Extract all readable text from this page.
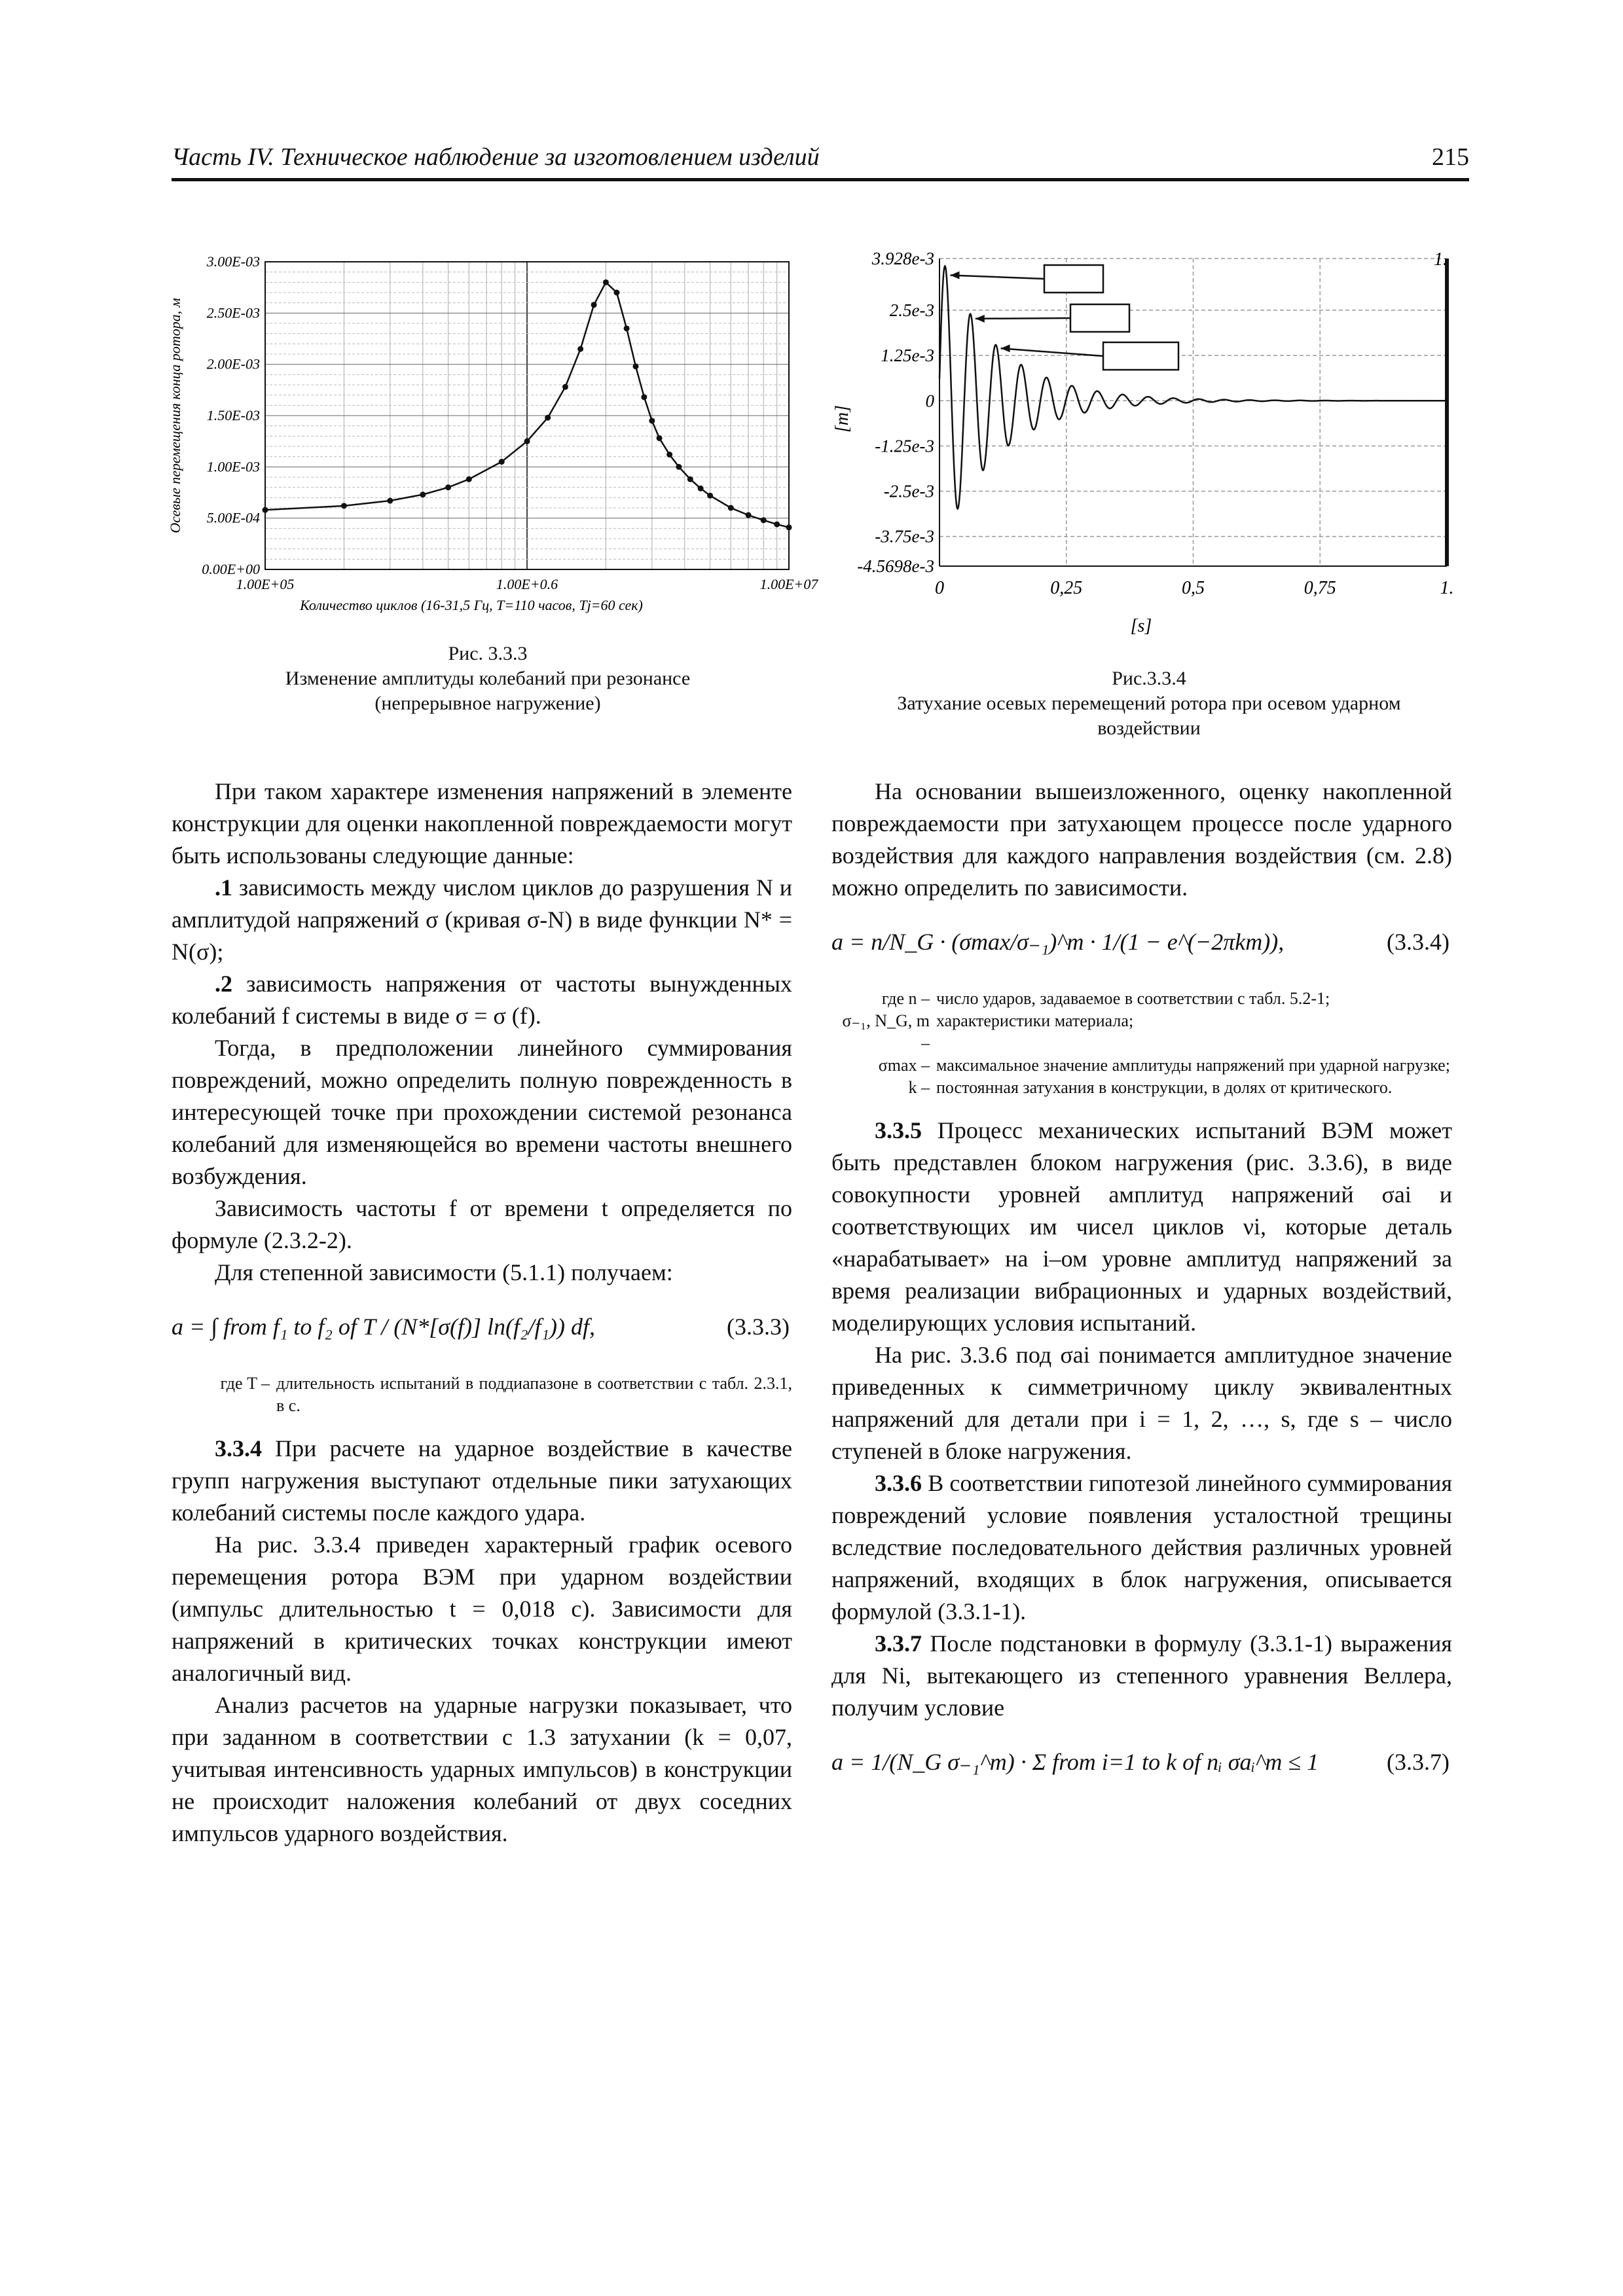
Часть IV. Техническое наблюдение за изготовлением изделий	215
3.00E-03
2.50E-03
2.00E-03
1.50E-03
1.00E-03
5.00E-04
0.00E+00
1.00E+05	1.00E+0.6	1.00E+07
Осевые перемещения конца ротора, м
Количество циклов (16-31,5 Гц, T=110 часов, Tj=60 сек)
Рис. 3.3.3
Изменение амплитуды колебаний при резонансе
(непрерывное нагружение)
3.928e-3
2.5e-3
1.25e-3
0
-1.25e-3
-2.5e-3
-3.75e-3
-4.5698e-3
0	0,25	0,5	0,75	1.
[m]
[s]
1.
Рис.3.3.4
Затухание осевых перемещений ротора при осевом ударном
воздействии

При таком характере изменения напряжений в элементе конструкции для оценки накопленной повреждаемости могут быть использованы следующие данные:

.1 зависимость между числом циклов до разрушения N и амплитудой напряжений σ (кривая σ-N) в виде функции N* = N(σ);

.2 зависимость напряжения от частоты вынужденных колебаний f системы в виде σ = σ (f).

Тогда, в предположении линейного суммирования повреждений, можно определить полную поврежденность в интересующей точке при прохождении системой резонанса колебаний для изменяющейся во времени частоты внешнего возбуждения.

Зависимость частоты f от времени t определяется по формуле (2.3.2-2).

Для степенной зависимости (5.1.1) получаем:

a = ∫ from f₁ to f₂ of T / (N*[σ(f)] ln(f₂/f₁)) df,	(3.3.3)
где T – длительность испытаний в поддиапазоне в соответствии с табл. 2.3.1, в с.

3.3.4 При расчете на ударное воздействие в качестве групп нагружения выступают отдельные пики затухающих колебаний системы после каждого удара.

На рис. 3.3.4 приведен характерный график осевого перемещения ротора ВЭМ при ударном воздействии (импульс длительностью t = 0,018 с). Зависимости для напряжений в критических точках конструкции имеют аналогичный вид.

Анализ расчетов на ударные нагрузки показывает, что при заданном в соответствии с 1.3 затухании (k = 0,07, учитывая интенсивность ударных импульсов) в конструкции не происходит наложения колебаний от двух соседних импульсов ударного воздействия.

На основании вышеизложенного, оценку накопленной повреждаемости при затухающем процессе после ударного воздействия для каждого направления воздействия (см. 2.8) можно определить по зависимости.

a = n/N_G · (σmax/σ₋₁)^m · 1/(1 − e^(−2πkm)),	(3.3.4)
где n – число ударов, задаваемое в соответствии с табл. 5.2-1;
σ₋₁, N_G, m –
характеристики материала;
σmax – максимальное значение амплитуды напряжений при ударной нагрузке;
k – постоянная затухания в конструкции, в долях от критического.

3.3.5 Процесс механических испытаний ВЭМ может быть представлен блоком нагружения (рис. 3.3.6), в виде совокупности уровней амплитуд напряжений σai и соответствующих им чисел циклов νi, которые деталь «нарабатывает» на i–ом уровне амплитуд напряжений за время реализации вибрационных и ударных воздействий, моделирующих условия испытаний.

На рис. 3.3.6 под σai понимается амплитудное значение приведенных к симметричному циклу эквивалентных напряжений для детали при i = 1, 2, …, s, где s – число ступеней в блоке нагружения.

3.3.6 В соответствии гипотезой линейного суммирования повреждений условие появления усталостной трещины вследствие последовательного действия различных уровней напряжений, входящих в блок нагружения, описывается формулой (3.3.1-1).

3.3.7 После подстановки в формулу (3.3.1-1) выражения для Ni, вытекающего из степенного уравнения Веллера, получим условие

a = 1/(N_G σ₋₁^m) · Σ from i=1 to k of nᵢ σaᵢ^m ≤ 1	(3.3.7)
